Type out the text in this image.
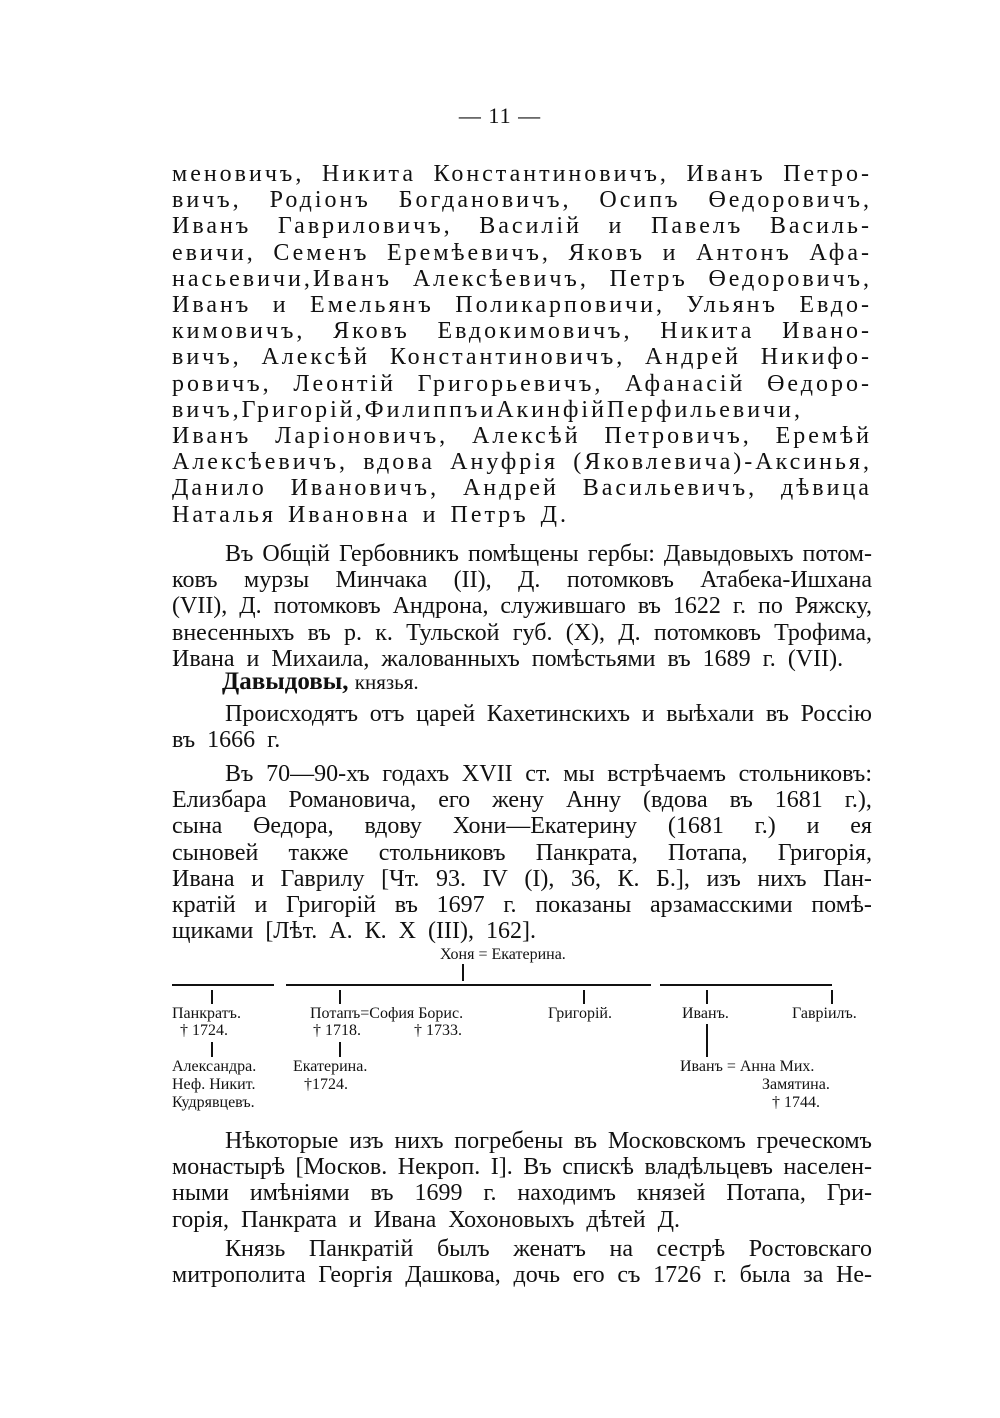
— 11 —
меновичъ, Никита Константиновичъ, Иванъ Петро-
вичъ, Родiонъ Богдановичъ, Осипъ Өедоровичъ,
Иванъ Гавриловичъ, Василiй и Павелъ Василь-
евичи, Семенъ Еремѣевичъ, Яковъ и Антонъ Афа-
насьевичи,Иванъ Алексѣевичъ, Петръ Өедоровичъ,
Иванъ и Емельянъ Поликарповичи, Ульянъ Евдо-
кимовичъ, Яковъ Евдокимовичъ, Никита Ивано-
вичъ, Алексѣй Константиновичъ, Андрей Никифо-
ровичъ, Леонтiй Григорьевичъ, Афанасiй Өедоро-
вичъ,Григорiй,ФилиппъиАкинфiйПерфильевичи,
Иванъ Ларiоновичъ, Алексѣй Петровичъ, Еремѣй
Алексѣевичъ, вдова Ануфрiя (Яковлевича)-Аксинья,
Данило Ивановичъ, Андрей Васильевичъ, дѣвица
Наталья Ивановна и Петръ Д.
Въ Общiй Гербовникъ помѣщены гербы: Давыдовыхъ потом-
ковъ мурзы Минчака (II), Д. потомковъ Атабека-Ишхана
(VII), Д. потомковъ Андрона, служившаго въ 1622 г. по Ряжску,
внесенныхъ въ р. к. Тульской губ. (X), Д. потомковъ Трофима,
Ивана и Михаила, жалованныхъ помѣстьями въ 1689 г. (VII).
Происходятъ отъ царей Кахетинскихъ и выѣхали въ Россiю
въ 1666 г.
Въ 70—90-хъ годахъ XVII ст. мы встрѣчаемъ стольниковъ:
Елизбара Романовича, его жену Анну (вдова въ 1681 г.),
сына Өедора, вдову Хони—Екатерину (1681 г.) и ея
сыновей также стольниковъ Панкрата, Потапа, Григорiя,
Ивана и Гаврилу [Чт. 93. IV (I), 36, К. Б.], изъ нихъ Пан-
кратiй и Григорiй въ 1697 г. показаны арзамасскими помѣ-
щиками [Лѣт. А. К. X (III), 162].
Нѣкоторые изъ нихъ погребены въ Московскомъ греческомъ
монастырѣ [Москов. Некроп. I]. Въ спискѣ владѣльцевъ населен-
ными имѣнiями въ 1699 г. находимъ князей Потапа, Гри-
горiя, Панкрата и Ивана Хохоновыхъ дѣтей Д.
Князь Панкратiй былъ женатъ на сестрѣ Ростовскаго
митрополита Георгiя Дашкова, дочь его съ 1726 г. была за Не-
Давыдовы, князья.
Хоня = Екатерина.
Панкратъ.
† 1724.
Потапъ=София Борис.
† 1718.	† 1733.
Григорiй.	Иванъ.	Гаврiилъ.
Александра.
Неф. Никит.
Кудрявцевъ.
Екатерина.
†1724.
Иванъ = Анна Мих.
Замятина.
† 1744.
